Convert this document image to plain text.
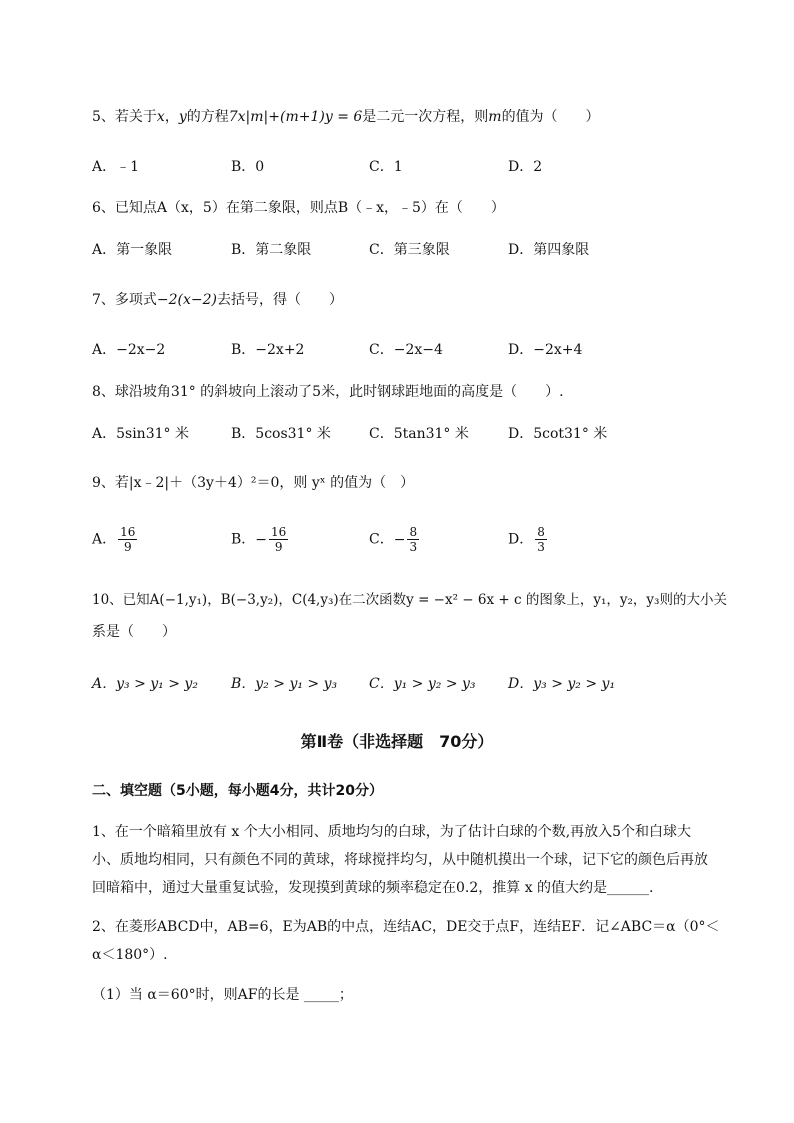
5、若关于x，y的方程7x|m|+(m+1)y = 6是二元一次方程，则m的值为（　　）
A．﹣1	B．0	C．1	D．2
6、已知点A（x，5）在第二象限，则点B（﹣x，﹣5）在（　　）
A．第一象限	B．第二象限	C．第三象限	D．第四象限
7、多项式−2(x−2)去括号，得（　　）
A．−2x−2	B．−2x+2	C．−2x−4	D．−2x+4
8、球沿坡角31° 的斜坡向上滚动了5米，此时钢球距地面的高度是（　　）.
A．5sin31° 米	B．5cos31° 米	C．5tan31° 米	D．5cot31° 米
9、若|x﹣2|＋（3y＋4）²＝0，则 yˣ 的值为（　）
A． $\frac{16}{9}$	B．− $\frac{16}{9}$	C．− $\frac{8}{3}$	D． $\frac{8}{3}$
10、已知A(−1,y₁)，B(−3,y₂)，C(4,y₃)在二次函数y = −x² − 6x + c 的图象上，y₁，y₂，y₃则的大小关
系是（　　）
A．y₃ > y₁ > y₂ B．y₂ > y₁ > y₃ C．y₁ > y₂ > y₃ D．y₃ > y₂ > y₁
第Ⅱ卷（非选择题　70分）
二、填空题（5小题，每小题4分，共计20分）
1、在一个暗箱里放有 x 个大小相同、质地均匀的白球，为了估计白球的个数,再放入5个和白球大
小、质地均相同，只有颜色不同的黄球，将球搅拌均匀，从中随机摸出一个球，记下它的颜色后再放
回暗箱中，通过大量重复试验，发现摸到黄球的频率稳定在0.2，推算 x 的值大约是______.
2、在菱形ABCD中，AB=6，E为AB的中点，连结AC，DE交于点F，连结EF．记∠ABC＝α（0°＜
α＜180°）.
（1）当 α＝60°时，则AF的长是 _____；
